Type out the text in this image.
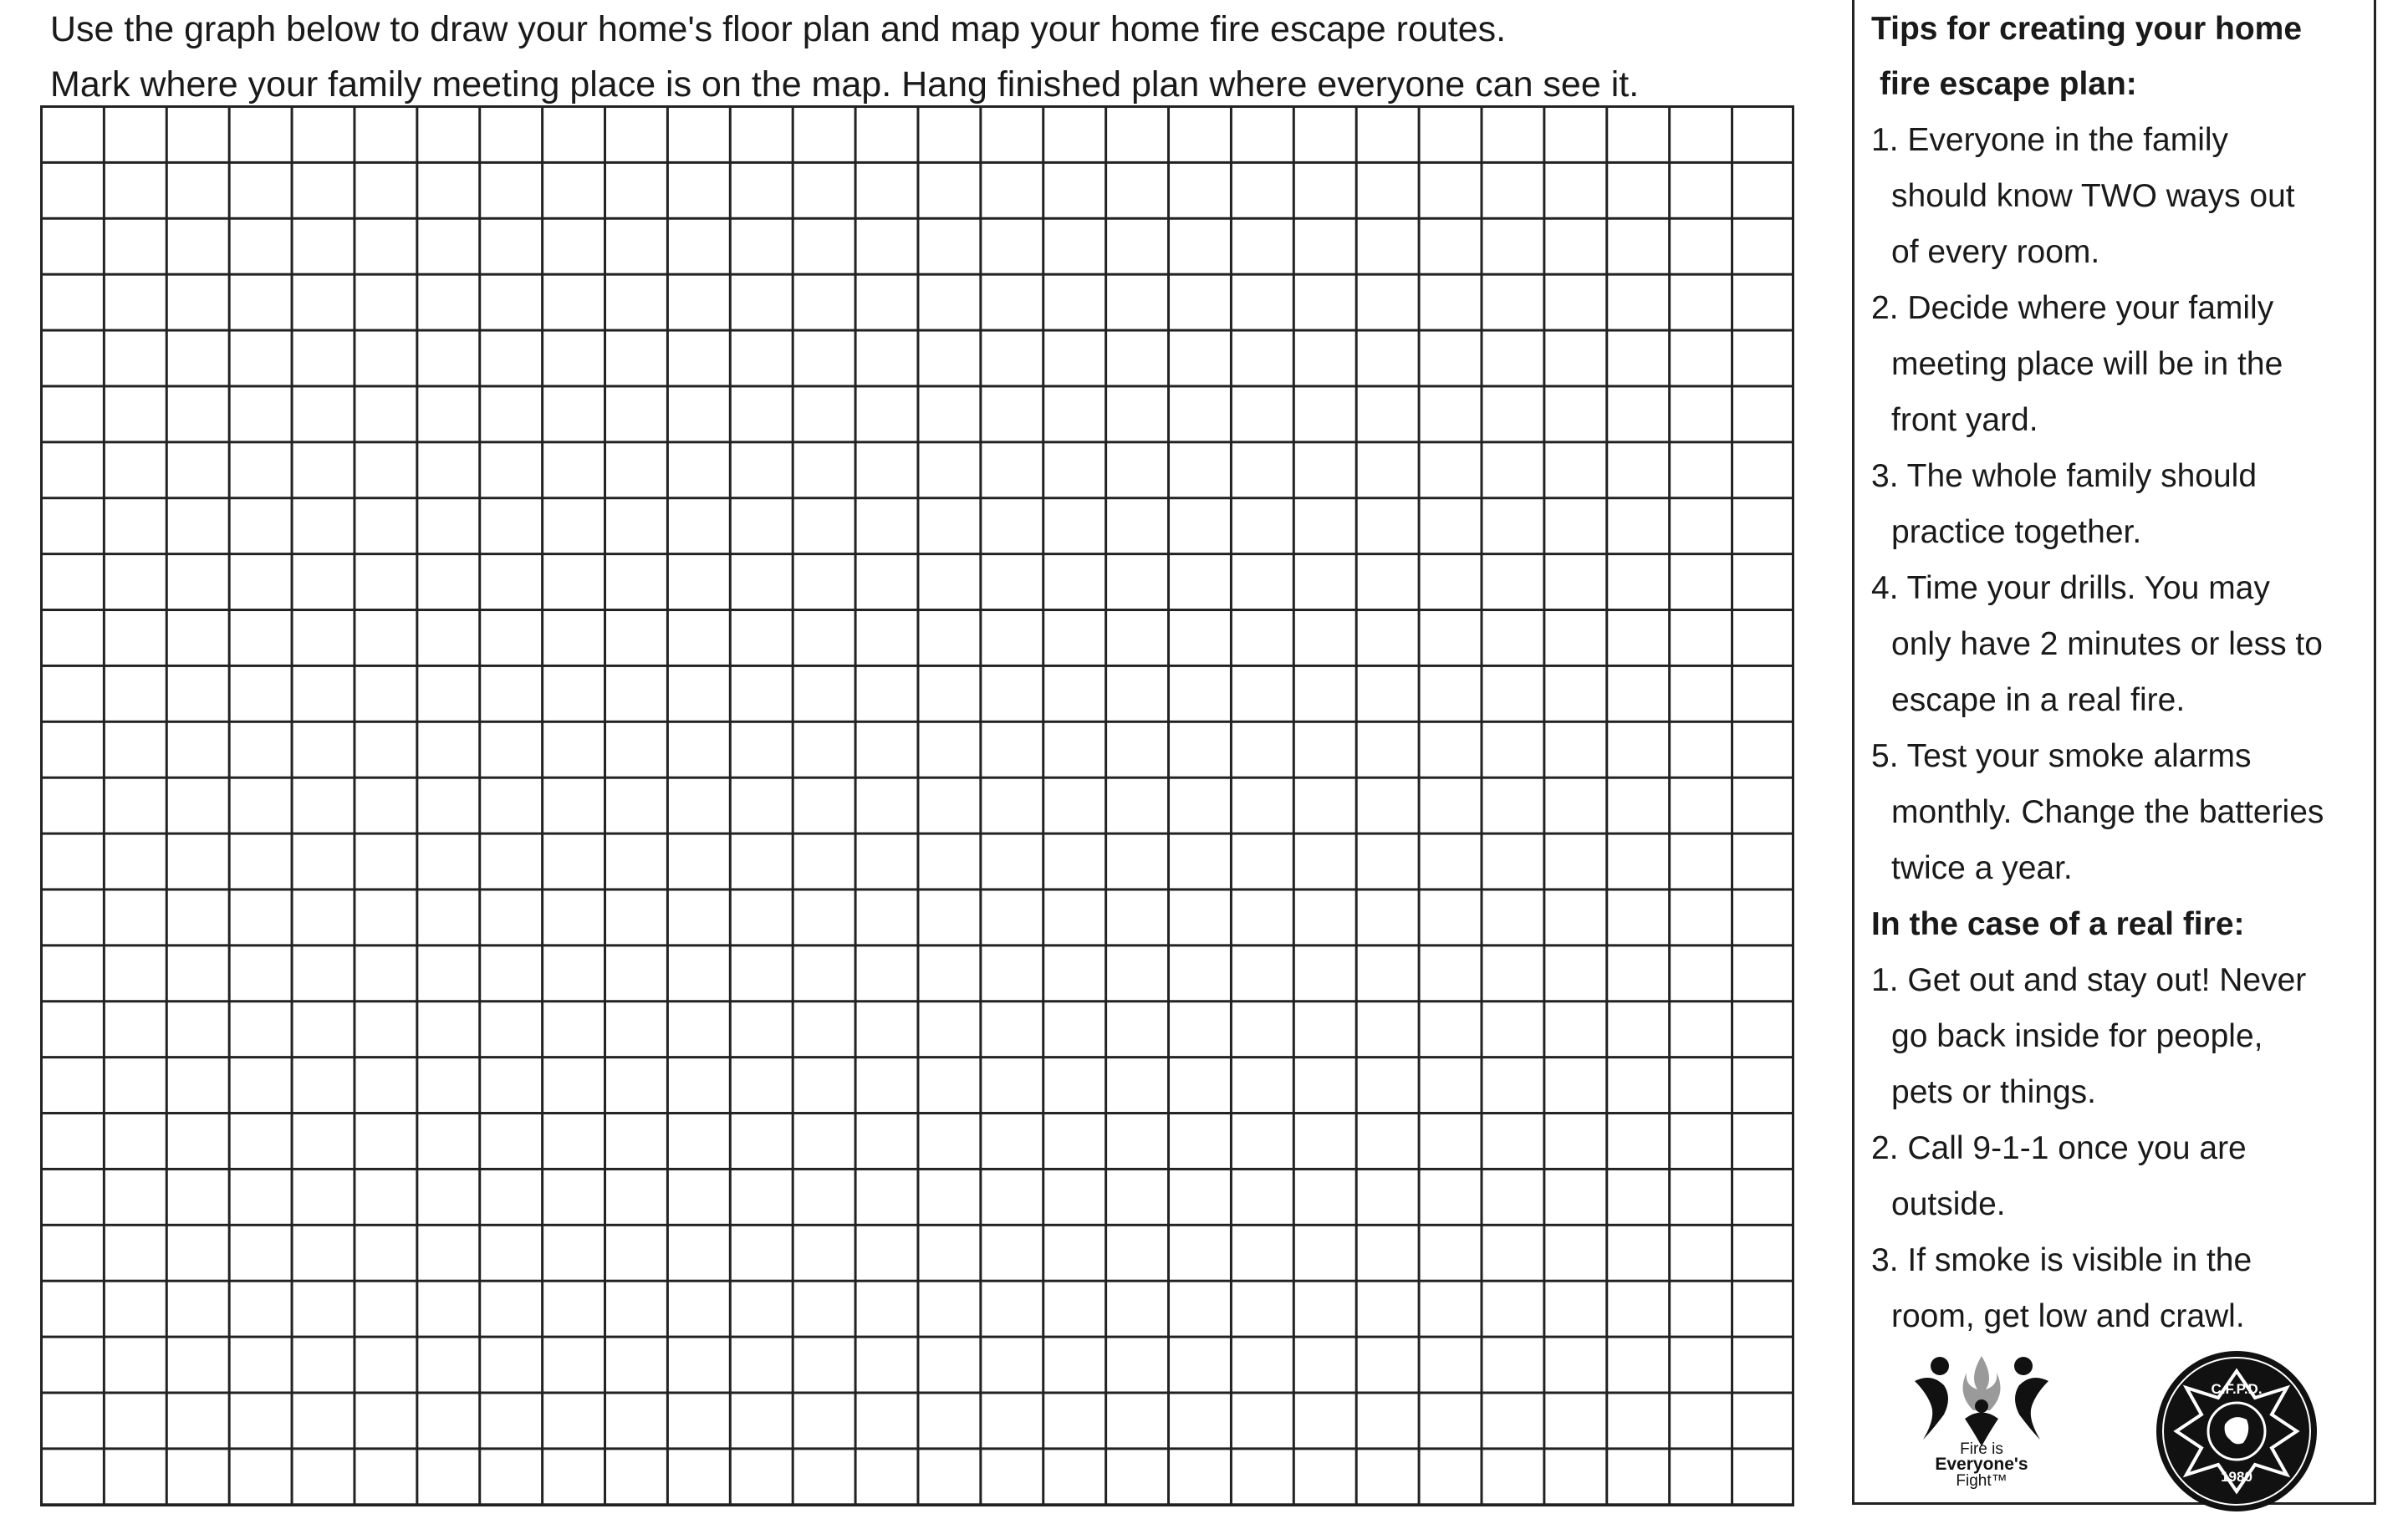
Use the graph below to draw your home's floor plan and map your home fire escape routes.
Mark where your family meeting place is on the map. Hang finished plan where everyone can see it.
Tips for creating your home
fire escape plan:
1. Everyone in the family
should know TWO ways out
of every room.
2. Decide where your family
meeting place will be in the
front yard.
3. The whole family should
practice together.
4. Time your drills. You may
only have 2 minutes or less to
escape in a real fire.
5. Test your smoke alarms
monthly. Change the batteries
twice a year.
In the case of a real fire:
1. Get out and stay out! Never
go back inside for people,
pets or things.
2. Call 9-1-1 once you are
outside.
3. If smoke is visible in the
room, get low and crawl.
Fire is
Everyone's
Fight™
C.F.P.D.
1980
